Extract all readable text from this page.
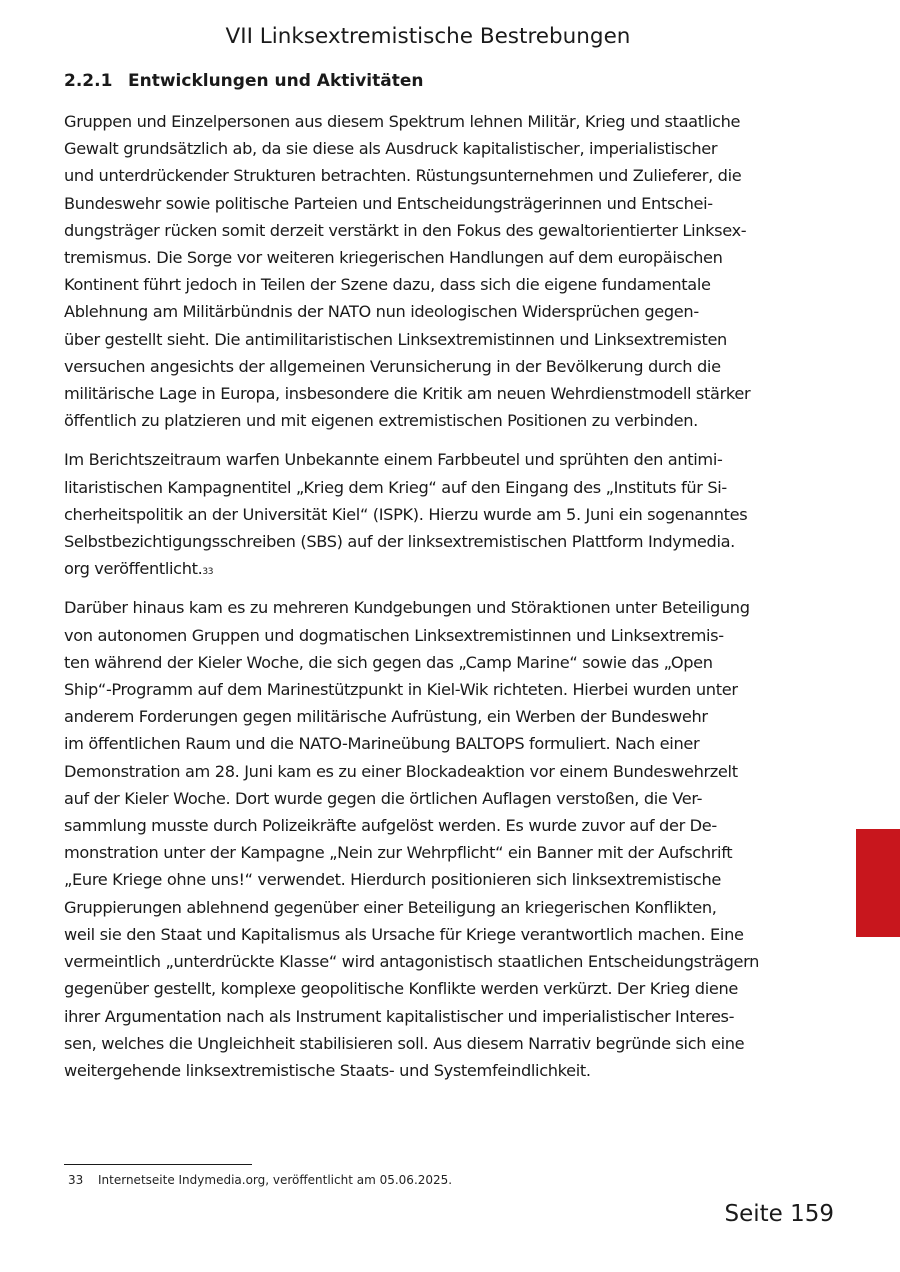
VII Linksextremistische Bestrebungen
2.2.1 Entwicklungen und Aktivitäten

Gruppen und Einzelpersonen aus diesem Spektrum lehnen Militär, Krieg und staatliche
Gewalt grundsätzlich ab, da sie diese als Ausdruck kapitalistischer, imperialistischer
und unterdrückender Strukturen betrachten. Rüstungsunternehmen und Zulieferer, die
Bundeswehr sowie politische Parteien und Entscheidungsträgerinnen und Entschei-
dungsträger rücken somit derzeit verstärkt in den Fokus des gewaltorientierter Linksex-
tremismus. Die Sorge vor weiteren kriegerischen Handlungen auf dem europäischen
Kontinent führt jedoch in Teilen der Szene dazu, dass sich die eigene fundamentale
Ablehnung am Militärbündnis der NATO nun ideologischen Widersprüchen gegen-
über gestellt sieht. Die antimilitaristischen Linksextremistinnen und Linksextremisten
versuchen angesichts der allgemeinen Verunsicherung in der Bevölkerung durch die
militärische Lage in Europa, insbesondere die Kritik am neuen Wehrdienstmodell stärker
öffentlich zu platzieren und mit eigenen extremistischen Positionen zu verbinden.

Im Berichtszeitraum warfen Unbekannte einem Farbbeutel und sprühten den antimi-
litaristischen Kampagnentitel „Krieg dem Krieg“ auf den Eingang des „Instituts für Si-
cherheitspolitik an der Universität Kiel“ (ISPK). Hierzu wurde am 5. Juni ein sogenanntes
Selbstbezichtigungsschreiben (SBS) auf der linksextremistischen Plattform Indymedia.
org veröffentlicht.$^{33}$

Darüber hinaus kam es zu mehreren Kundgebungen und Störaktionen unter Beteiligung
von autonomen Gruppen und dogmatischen Linksextremistinnen und Linksextremis-
ten während der Kieler Woche, die sich gegen das „Camp Marine“ sowie das „Open
Ship“-Programm auf dem Marinestützpunkt in Kiel-Wik richteten. Hierbei wurden unter
anderem Forderungen gegen militärische Aufrüstung, ein Werben der Bundeswehr
im öffentlichen Raum und die NATO-Marineübung BALTOPS formuliert. Nach einer
Demonstration am 28. Juni kam es zu einer Blockadeaktion vor einem Bundeswehrzelt
auf der Kieler Woche. Dort wurde gegen die örtlichen Auflagen verstoßen, die Ver-
sammlung musste durch Polizeikräfte aufgelöst werden. Es wurde zuvor auf der De-
monstration unter der Kampagne „Nein zur Wehrpflicht“ ein Banner mit der Aufschrift
„Eure Kriege ohne uns!“ verwendet. Hierdurch positionieren sich linksextremistische
Gruppierungen ablehnend gegenüber einer Beteiligung an kriegerischen Konflikten,
weil sie den Staat und Kapitalismus als Ursache für Kriege verantwortlich machen. Eine
vermeintlich „unterdrückte Klasse“ wird antagonistisch staatlichen Entscheidungsträgern
gegenüber gestellt, komplexe geopolitische Konflikte werden verkürzt. Der Krieg diene
ihrer Argumentation nach als Instrument kapitalistischer und imperialistischer Interes-
sen, welches die Ungleichheit stabilisieren soll. Aus diesem Narrativ begründe sich eine
weitergehende linksextremistische Staats- und Systemfeindlichkeit.

33 Internetseite Indymedia.org, veröffentlicht am 05.06.2025.
Seite 159
